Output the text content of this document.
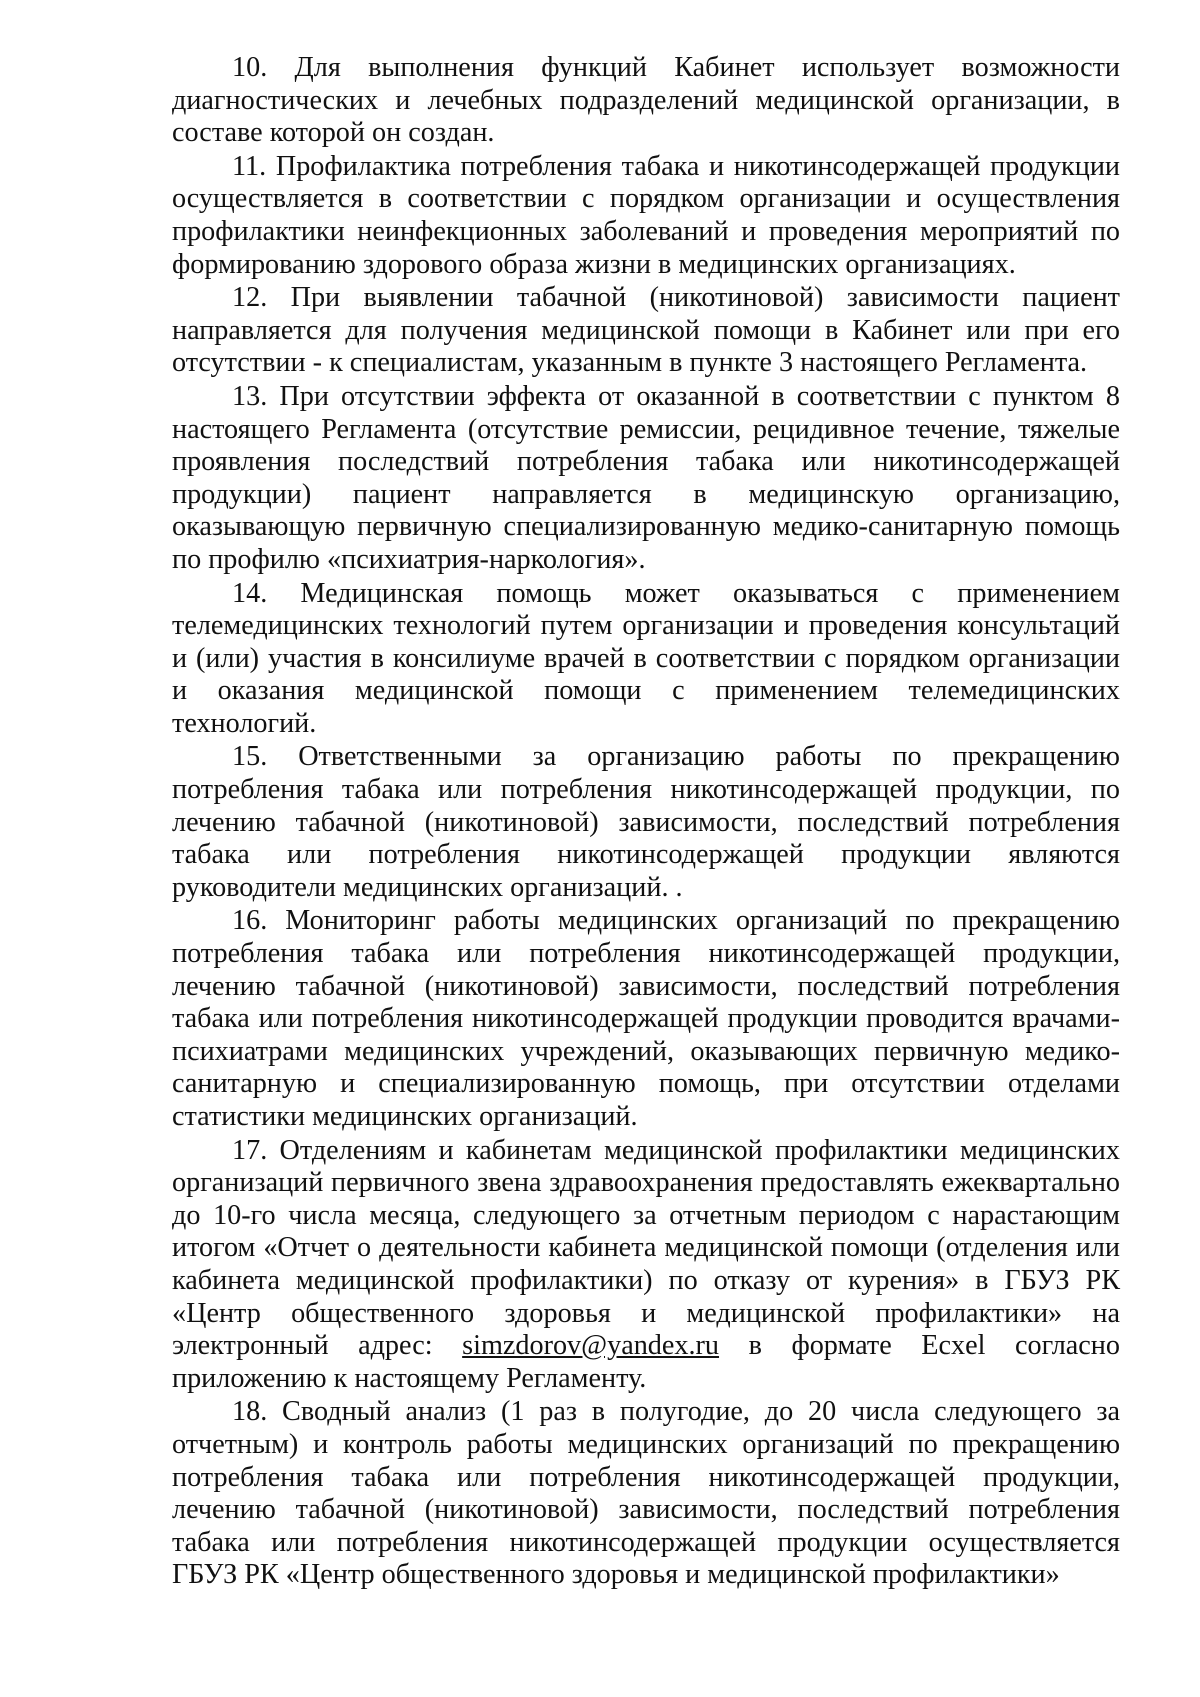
10. Для выполнения функций Кабинет использует возможности диагностических и лечебных подразделений медицинской организации, в составе которой он создан.

11. Профилактика потребления табака и никотинсодержащей продукции осуществляется в соответствии с порядком организации и осуществления профилактики неинфекционных заболеваний и проведения мероприятий по формированию здорового образа жизни в медицинских организациях.

12. При выявлении табачной (никотиновой) зависимости пациент направляется для получения медицинской помощи в Кабинет или при его отсутствии - к специалистам, указанным в пункте 3 настоящего Регламента.

13. При отсутствии эффекта от оказанной в соответствии с пунктом 8 настоящего Регламента (отсутствие ремиссии, рецидивное течение, тяжелые проявления последствий потребления табака или никотинсодержащей продукции) пациент направляется в медицинскую организацию, оказывающую первичную специализированную медико-санитарную помощь по профилю «психиатрия-наркология».

14. Медицинская помощь может оказываться с применением телемедицинских технологий путем организации и проведения консультаций и (или) участия в консилиуме врачей в соответствии с порядком организации и оказания медицинской помощи с применением телемедицинских технологий.

15. Ответственными за организацию работы по прекращению потребления табака или потребления никотинсодержащей продукции, по лечению табачной (никотиновой) зависимости, последствий потребления табака или потребления никотинсодержащей продукции являются руководители медицинских организаций. .

16. Мониторинг работы медицинских организаций по прекращению потребления табака или потребления никотинсодержащей продукции, лечению табачной (никотиновой) зависимости, последствий потребления табака или потребления никотинсодержащей продукции проводится врачами-психиатрами медицинских учреждений, оказывающих первичную медико-санитарную и специализированную помощь, при отсутствии отделами статистики медицинских организаций.

17. Отделениям и кабинетам медицинской профилактики медицинских организаций первичного звена здравоохранения предоставлять ежеквартально до 10-го числа месяца, следующего за отчетным периодом с нарастающим итогом «Отчет о деятельности кабинета медицинской помощи (отделения или кабинета медицинской профилактики) по отказу от курения» в ГБУЗ РК «Центр общественного здоровья и медицинской профилактики» на электронный адрес: simzdorov@yandex.ru в формате Ecxel согласно приложению к настоящему Регламенту.

18. Сводный анализ (1 раз в полугодие, до 20 числа следующего за отчетным) и контроль работы медицинских организаций по прекращению потребления табака или потребления никотинсодержащей продукции, лечению табачной (никотиновой) зависимости, последствий потребления табака или потребления никотинсодержащей продукции осуществляется ГБУЗ РК «Центр общественного здоровья и медицинской профилактики»
